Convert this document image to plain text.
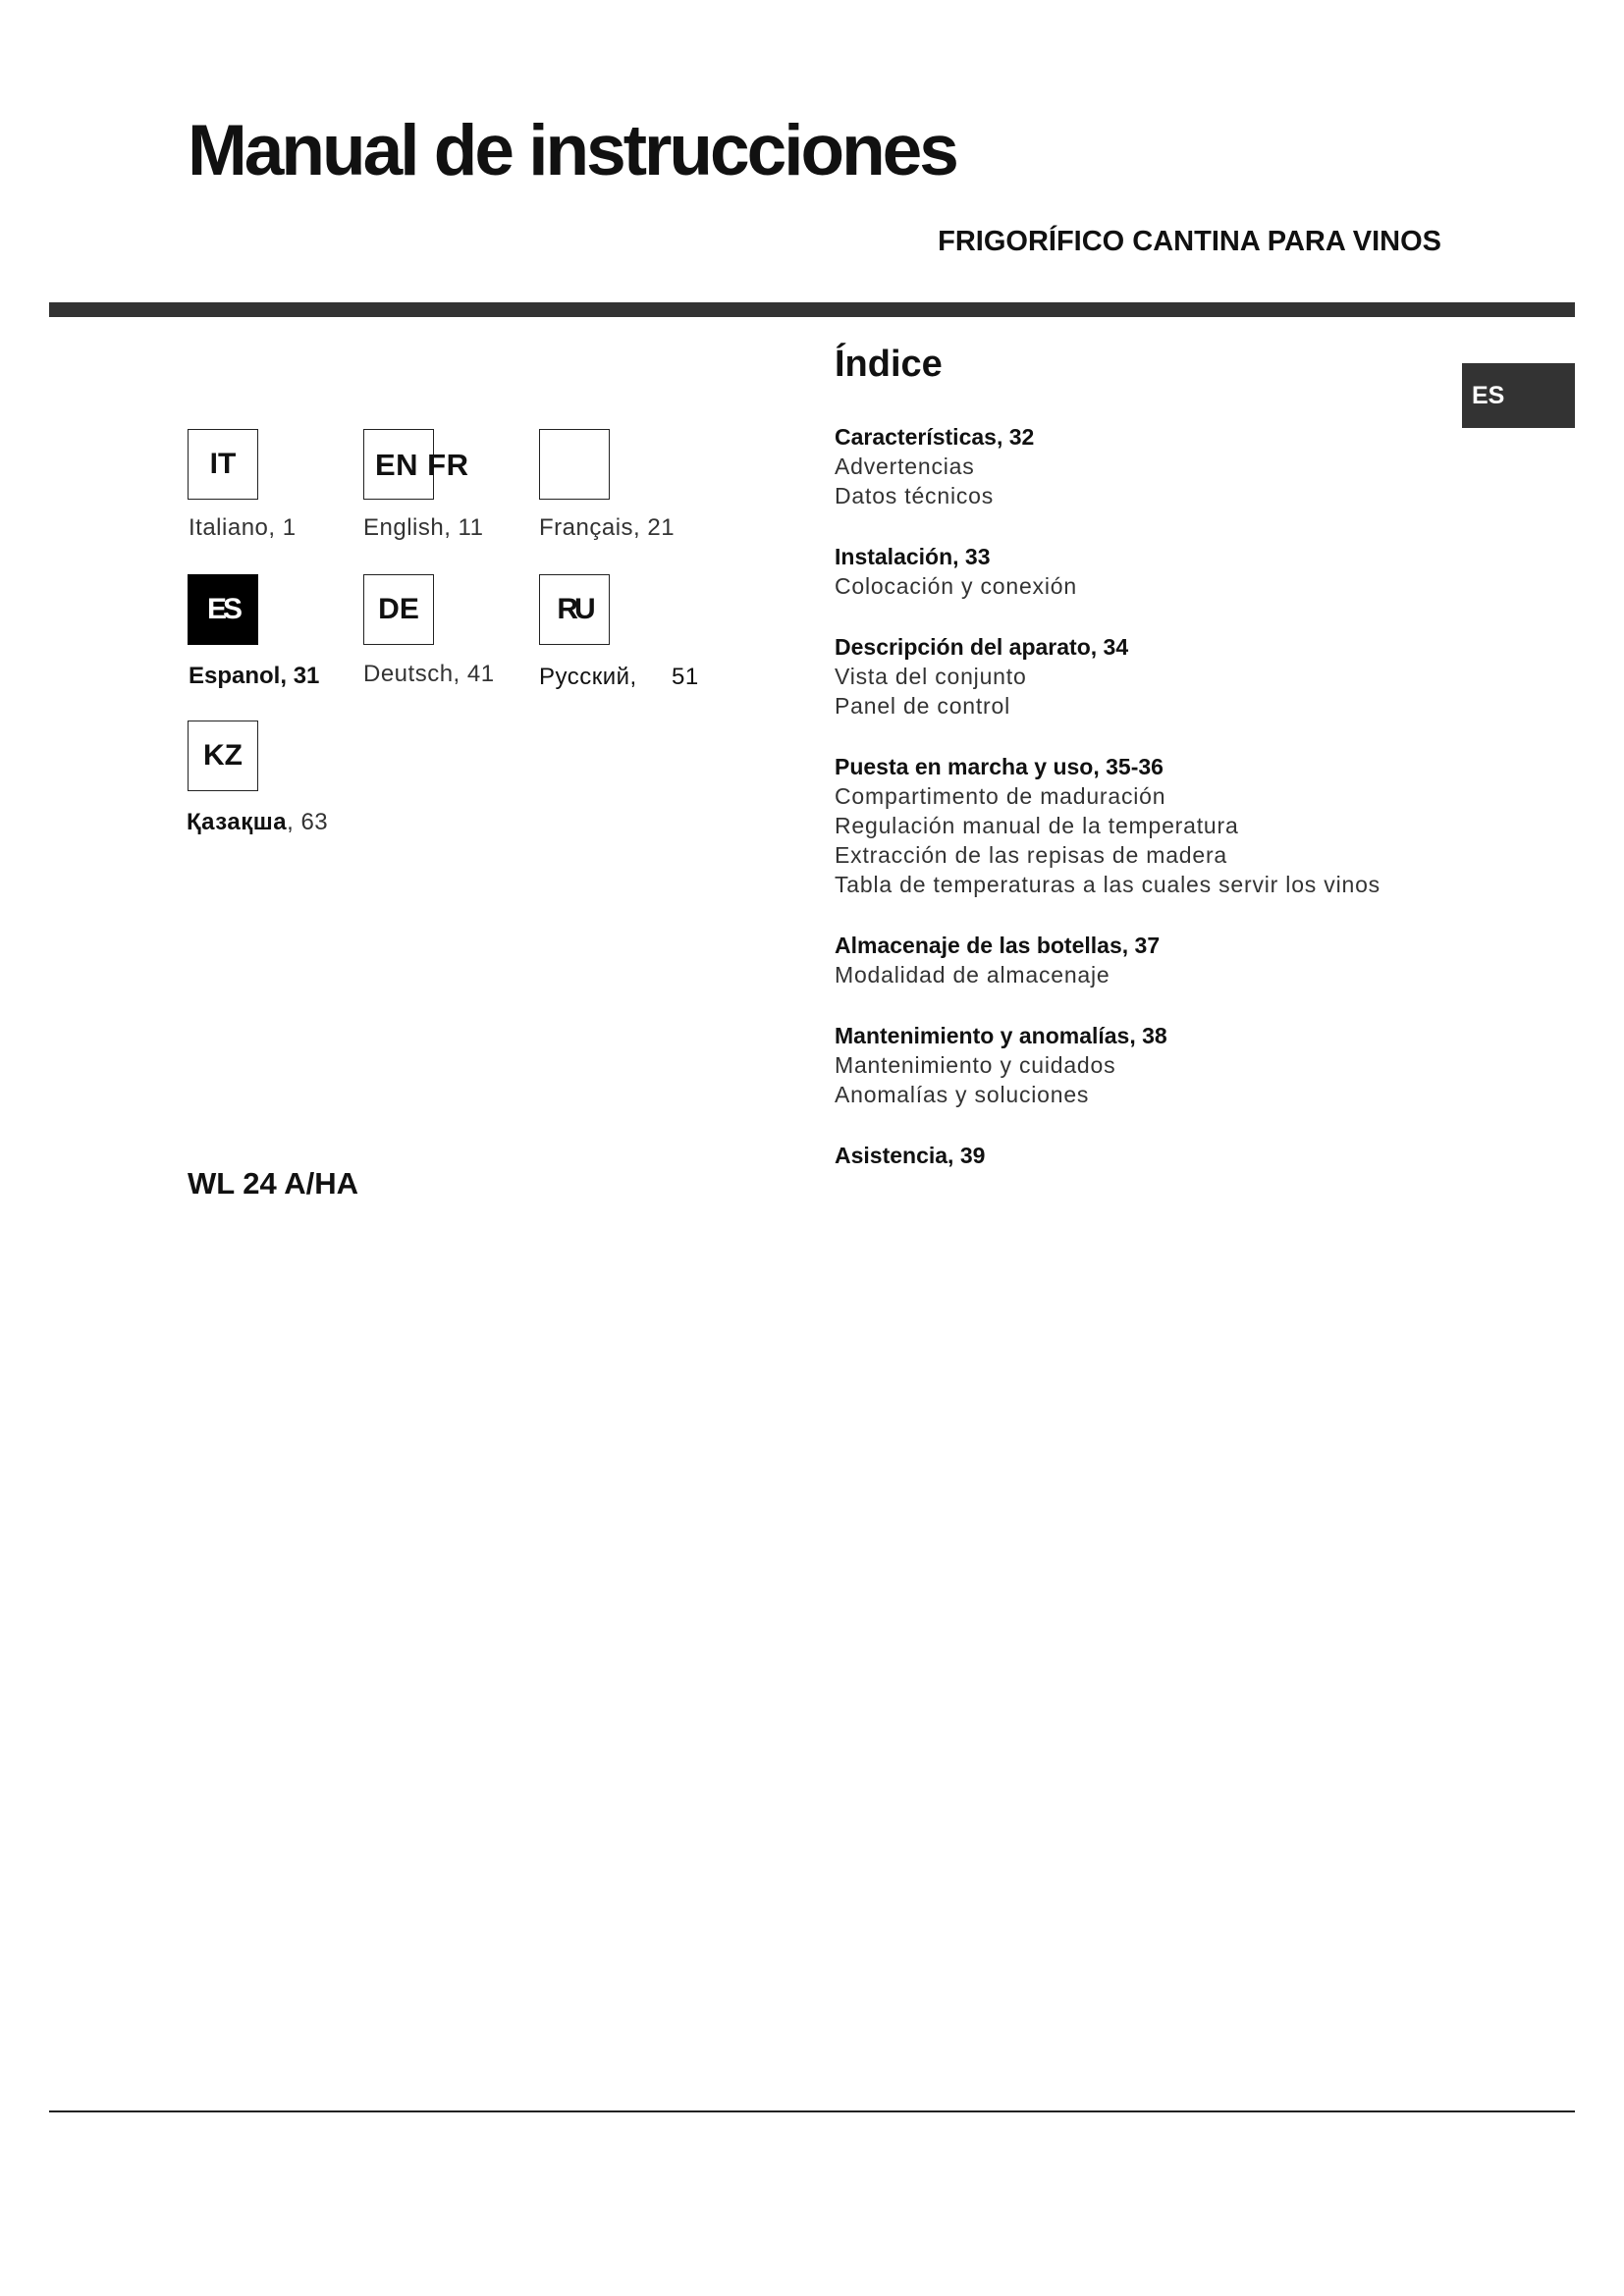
Manual de instrucciones
FRIGORÍFICO CANTINA PARA VINOS
ES
IT
Italiano, 1
EN FR
English, 11 Français, 21
ES
Espanol, 31
DE
Deutsch, 41
RU
Русский, 51
KZ
Қазақша, 63
WL 24 A/HA
Índice
Características, 32
Advertencias
Datos técnicos
Instalación, 33
Colocación y conexión
Descripción del aparato, 34
Vista del conjunto
Panel de control
Puesta en marcha y uso, 35-36
Compartimento de maduración
Regulación manual de la temperatura
Extracción de las repisas de madera
Tabla de temperaturas a las cuales servir los vinos
Almacenaje de las botellas, 37
Modalidad de almacenaje
Mantenimiento y anomalías, 38
Mantenimiento y cuidados
Anomalías y soluciones
Asistencia, 39
